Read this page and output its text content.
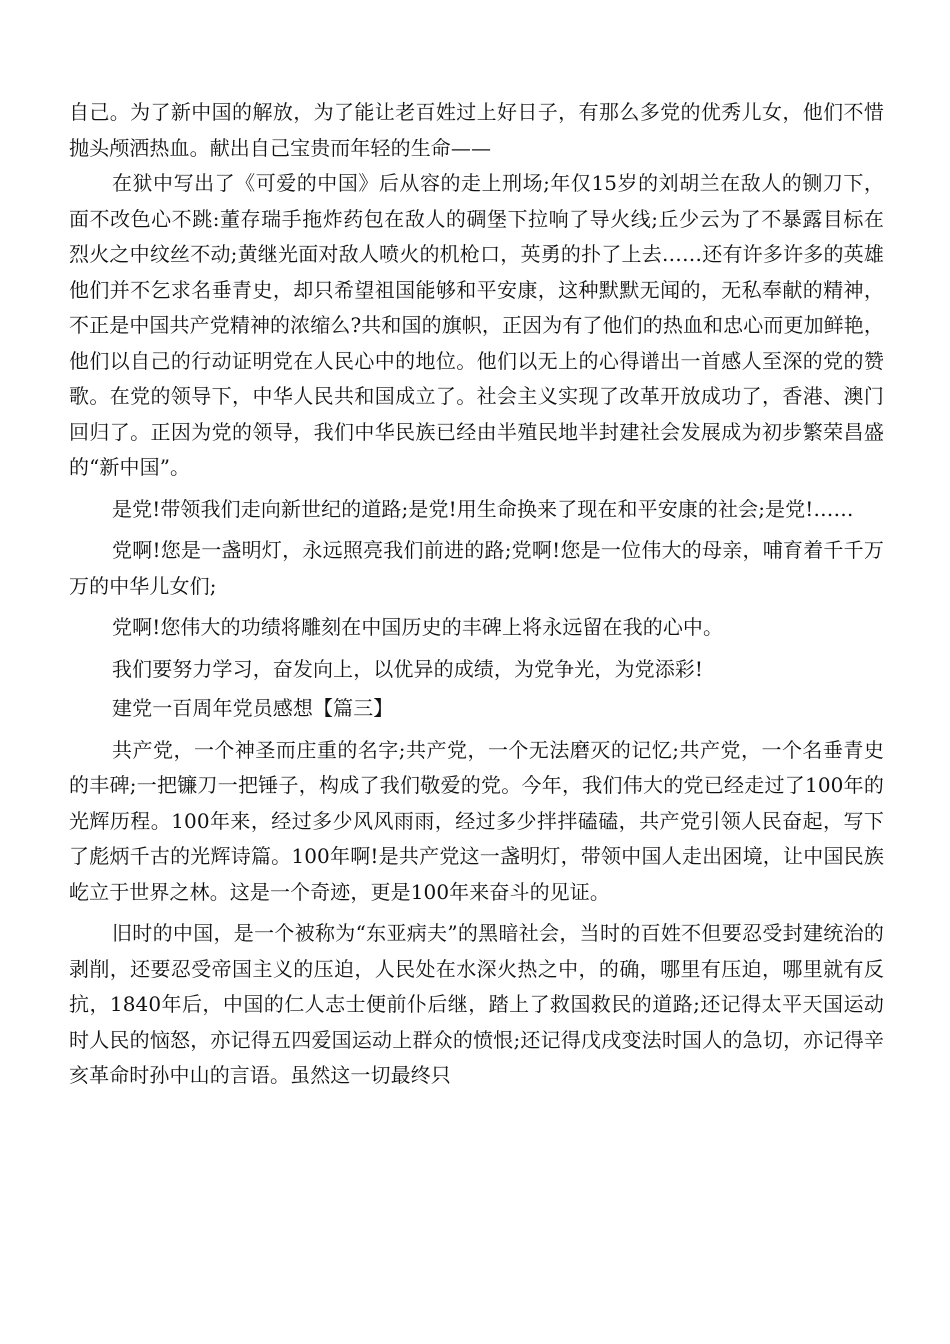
自己。为了新中国的解放，为了能让老百姓过上好日子，有那么多党的优秀儿女，他们不惜抛头颅洒热血。献出自己宝贵而年轻的生命——

在狱中写出了《可爱的中国》后从容的走上刑场;年仅15岁的刘胡兰在敌人的铡刀下，面不改色心不跳:董存瑞手拖炸药包在敌人的碉堡下拉响了导火线;丘少云为了不暴露目标在烈火之中纹丝不动;黄继光面对敌人喷火的机枪口，英勇的扑了上去……还有许多许多的英雄他们并不乞求名垂青史，却只希望祖国能够和平安康，这种默默无闻的，无私奉献的精神，不正是中国共产党精神的浓缩么?共和国的旗帜，正因为有了他们的热血和忠心而更加鲜艳，他们以自己的行动证明党在人民心中的地位。他们以无上的心得谱出一首感人至深的党的赞歌。在党的领导下，中华人民共和国成立了。社会主义实现了改革开放成功了，香港、澳门回归了。正因为党的领导，我们中华民族已经由半殖民地半封建社会发展成为初步繁荣昌盛的“新中国”。

是党!带领我们走向新世纪的道路;是党!用生命换来了现在和平安康的社会;是党!……

党啊!您是一盏明灯，永远照亮我们前进的路;党啊!您是一位伟大的母亲，哺育着千千万万的中华儿女们;

党啊!您伟大的功绩将雕刻在中国历史的丰碑上将永远留在我的心中。

我们要努力学习，奋发向上，以优异的成绩，为党争光，为党添彩!

建党一百周年党员感想【篇三】

共产党，一个神圣而庄重的名字;共产党，一个无法磨灭的记忆;共产党，一个名垂青史的丰碑;一把镰刀一把锤子，构成了我们敬爱的党。今年，我们伟大的党已经走过了100年的光辉历程。100年来，经过多少风风雨雨，经过多少拌拌磕磕，共产党引领人民奋起，写下了彪炳千古的光辉诗篇。100年啊!是共产党这一盏明灯，带领中国人走出困境，让中国民族屹立于世界之林。这是一个奇迹，更是100年来奋斗的见证。

旧时的中国，是一个被称为“东亚病夫”的黑暗社会，当时的百姓不但要忍受封建统治的剥削，还要忍受帝国主义的压迫，人民处在水深火热之中，的确，哪里有压迫，哪里就有反抗，1840年后，中国的仁人志士便前仆后继，踏上了救国救民的道路;还记得太平天国运动时人民的恼怒，亦记得五四爱国运动上群众的愤恨;还记得戊戌变法时国人的急切，亦记得辛亥革命时孙中山的言语。虽然这一切最终只
